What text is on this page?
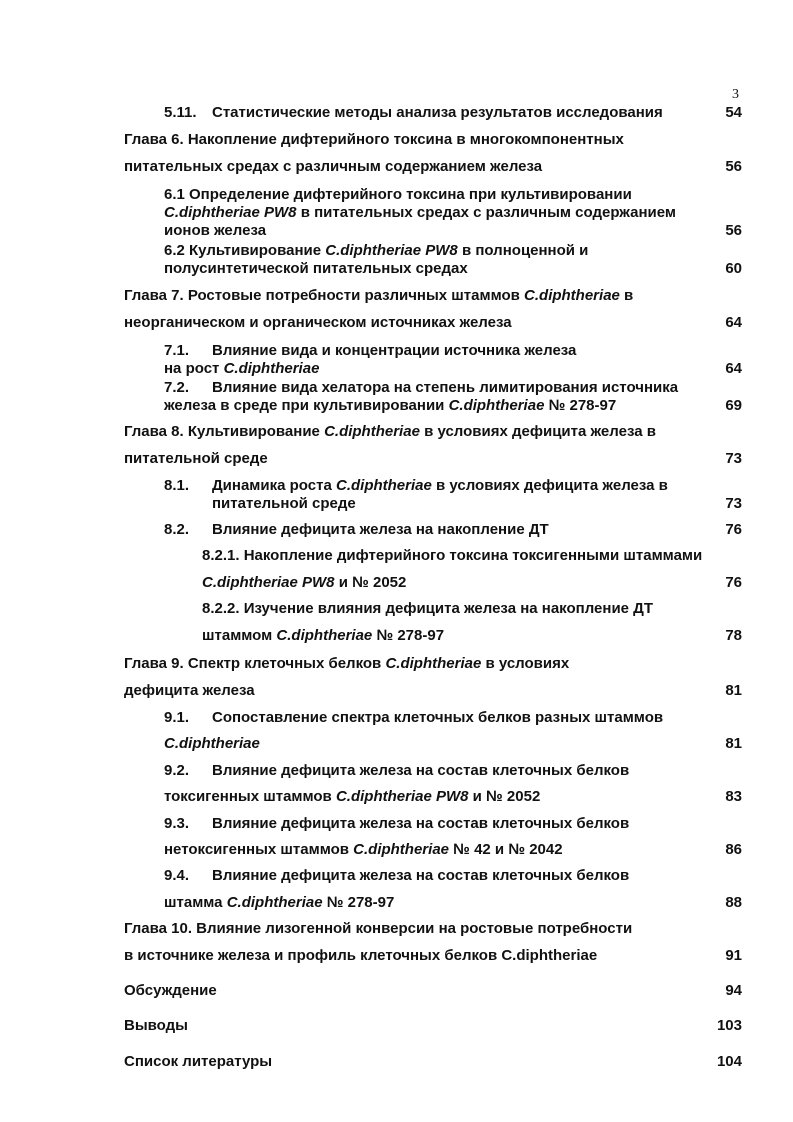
3
5.11. Статистические методы анализа результатов исследования	54
Глава 6. Накопление дифтерийного токсина в многокомпонентных
питательных средах с различным содержанием железа	56
6.1 Определение дифтерийного токсина при культивировании
C.diphtheriae PW8 в питательных средах с различным содержанием
ионов железа	56
6.2 Культивирование C.diphtheriae PW8 в полноценной и
полусинтетической питательных средах	60
Глава 7. Ростовые потребности различных штаммов C.diphtheriae в
неорганическом и органическом источниках железа	64
7.1. Влияние вида и концентрации источника железа
на рост C.diphtheriae	64
7.2. Влияние вида хелатора на степень лимитирования источника
железа в среде при культивировании C.diphtheriae № 278-97	69
Глава 8. Культивирование C.diphtheriae в условиях дефицита железа в
питательной среде	73
8.1. Динамика роста C.diphtheriae в условиях дефицита железа в
питательной среде	73
8.2. Влияние дефицита железа на накопление ДТ	76
8.2.1. Накопление дифтерийного токсина токсигенными штаммами
C.diphtheriae PW8 и № 2052	76
8.2.2. Изучение влияния дефицита железа на накопление ДТ
штаммом C.diphtheriae № 278-97	78
Глава 9. Спектр клеточных белков C.diphtheriae в условиях
дефицита железа	81
9.1. Сопоставление спектра клеточных белков разных штаммов
C.diphtheriae	81
9.2. Влияние дефицита железа на состав клеточных белков
токсигенных штаммов C.diphtheriae PW8 и № 2052	83
9.3. Влияние дефицита железа на состав клеточных белков
нетоксигенных штаммов C.diphtheriae № 42 и № 2042	86
9.4. Влияние дефицита железа на состав клеточных белков
штамма C.diphtheriae № 278-97	88
Глава 10. Влияние лизогенной конверсии на ростовые потребности
в источнике железа и профиль клеточных белков C.diphtheriae	91
Обсуждение	94
Выводы	103
Список литературы	104
